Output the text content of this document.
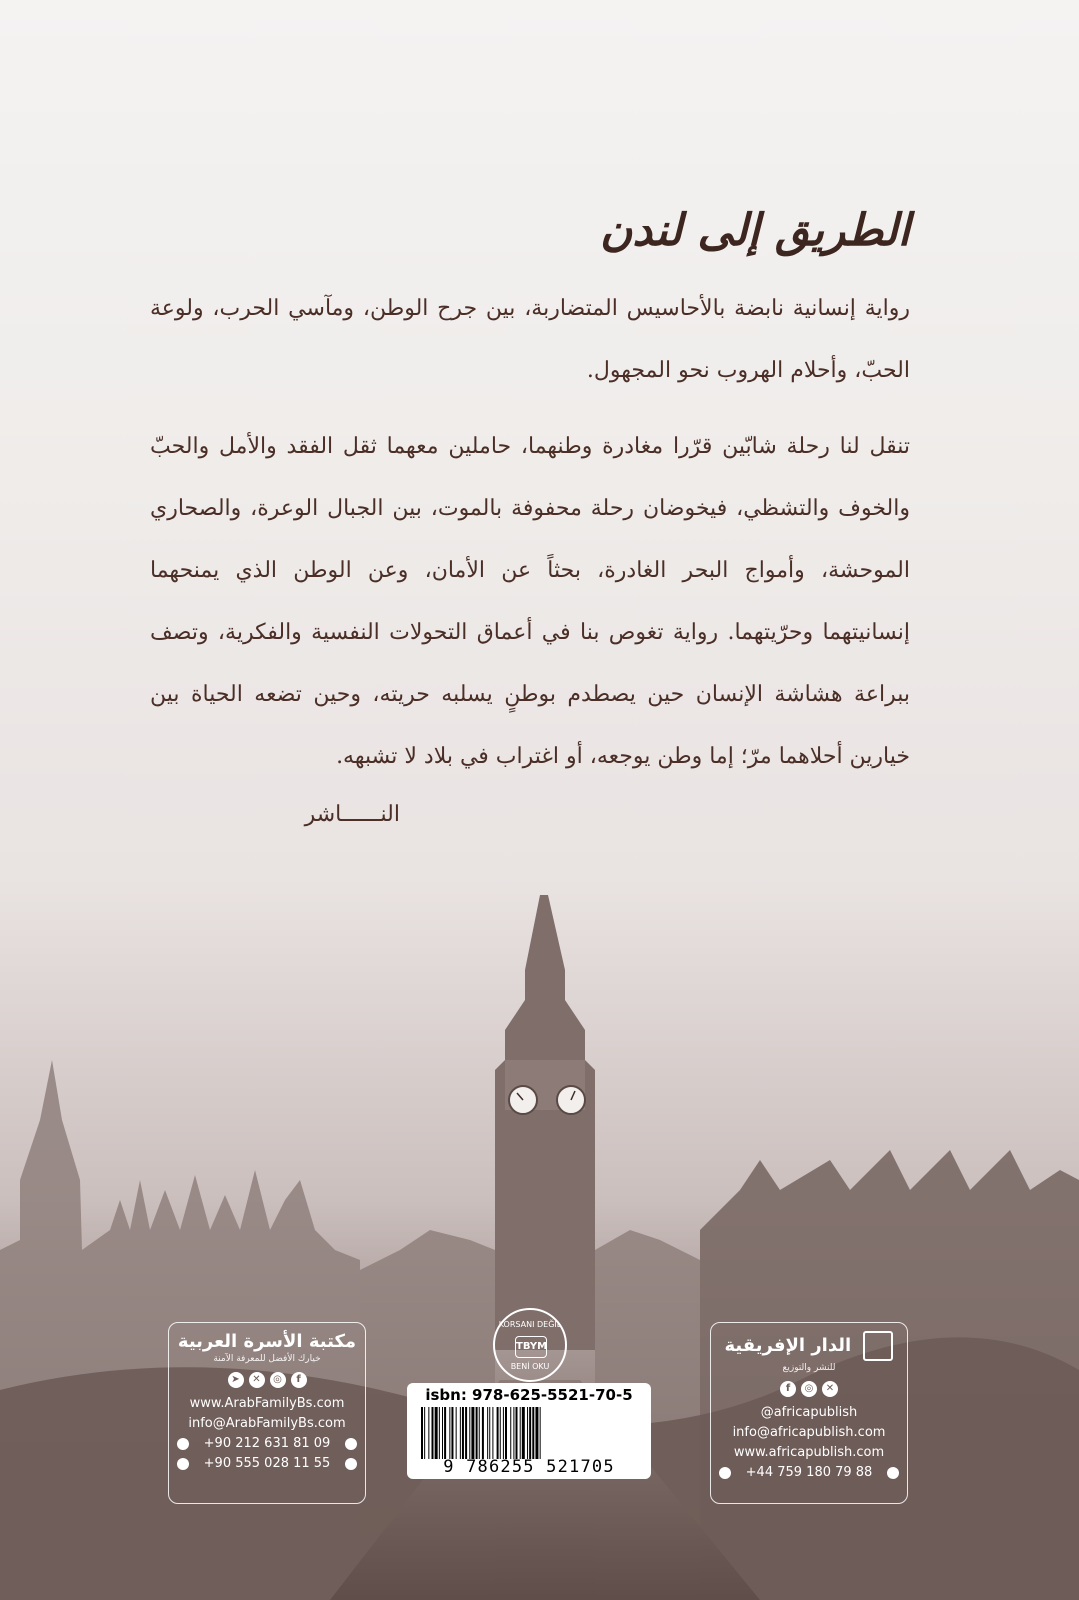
الطريق إلى لندن

رواية إنسانية نابضة بالأحاسيس المتضاربة، بين جرح الوطن، ومآسي الحرب، ولوعة الحبّ، وأحلام الهروب نحو المجهول.

تنقل لنا رحلة شابّين قرّرا مغادرة وطنهما، حاملين معهما ثقل الفقد والأمل والحبّ والخوف والتشظي، فيخوضان رحلة محفوفة بالموت، بين الجبال الوعرة، والصحاري الموحشة، وأمواج البحر الغادرة، بحثاً عن الأمان، وعن الوطن الذي يمنحهما إنسانيتهما وحرّيتهما. رواية تغوص بنا في أعماق التحولات النفسية والفكرية، وتصف ببراعة هشاشة الإنسان حين يصطدم بوطنٍ يسلبه حريته، وحين تضعه الحياة بين خيارين أحلاهما مرّ؛ إما وطن يوجعه، أو اغتراب في بلاد لا تشبهه.

النــــــاشر
مكتبة الأسرة العربية
خيارك الأفضل للمعرفة الآمنة
➤	✕	◎	f
www.ArabFamilyBs.com
info@ArabFamilyBs.com
+90 212 631 81 09
+90 555 028 11 55
الدار الإفريقية
للنشر والتوزيع
f	◎	✕
@africapublish
info@africapublish.com
www.africapublish.com
+44 759 180 79 88
KORSANI DEĞİL
TBYM
BENİ OKU
isbn: 978-625-5521-70-5
9 786255 521705
